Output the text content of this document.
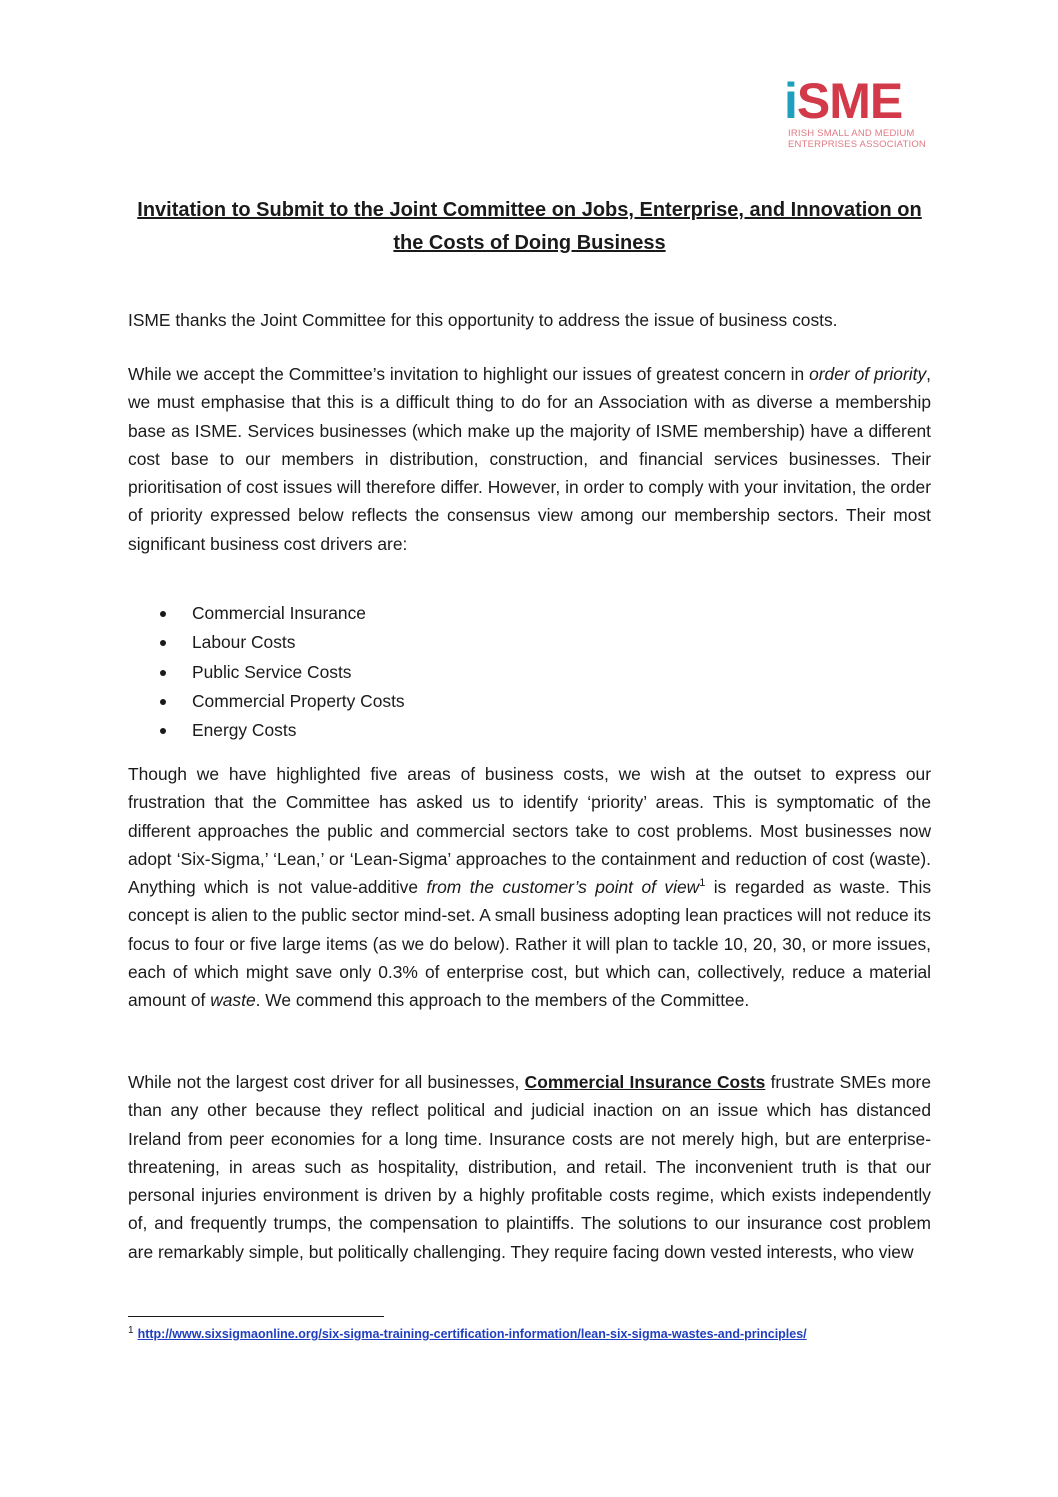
iSME
IRISH SMALL AND MEDIUM
ENTERPRISES ASSOCIATION
Invitation to Submit to the Joint Committee on Jobs, Enterprise, and Innovation on the Costs of Doing Business

ISME thanks the Joint Committee for this opportunity to address the issue of business costs.

While we accept the Committee’s invitation to highlight our issues of greatest concern in order of priority, we must emphasise that this is a difficult thing to do for an Association with as diverse a membership base as ISME. Services businesses (which make up the majority of ISME membership) have a different cost base to our members in distribution, construction, and financial services businesses. Their prioritisation of cost issues will therefore differ. However, in order to comply with your invitation, the order of priority expressed below reflects the consensus view among our membership sectors. Their most significant business cost drivers are:

Commercial Insurance
Labour Costs
Public Service Costs
Commercial Property Costs
Energy Costs

Though we have highlighted five areas of business costs, we wish at the outset to express our frustration that the Committee has asked us to identify ‘priority’ areas. This is symptomatic of the different approaches the public and commercial sectors take to cost problems. Most businesses now adopt ‘Six-Sigma,’ ‘Lean,’ or ‘Lean-Sigma’ approaches to the containment and reduction of cost (waste). Anything which is not value-additive from the customer’s point of view$^1$ is regarded as waste. This concept is alien to the public sector mind-set. A small business adopting lean practices will not reduce its focus to four or five large items (as we do below). Rather it will plan to tackle 10, 20, 30, or more issues, each of which might save only 0.3% of enterprise cost, but which can, collectively, reduce a material amount of waste. We commend this approach to the members of the Committee.

While not the largest cost driver for all businesses, Commercial Insurance Costs frustrate SMEs more than any other because they reflect political and judicial inaction on an issue which has distanced Ireland from peer economies for a long time. Insurance costs are not merely high, but are enterprise-threatening, in areas such as hospitality, distribution, and retail. The inconvenient truth is that our personal injuries environment is driven by a highly profitable costs regime, which exists independently of, and frequently trumps, the compensation to plaintiffs. The solutions to our insurance cost problem are remarkably simple, but politically challenging. They require facing down vested interests, who view

$^1$ http://www.sixsigmaonline.org/six-sigma-training-certification-information/lean-six-sigma-wastes-and-principles/
